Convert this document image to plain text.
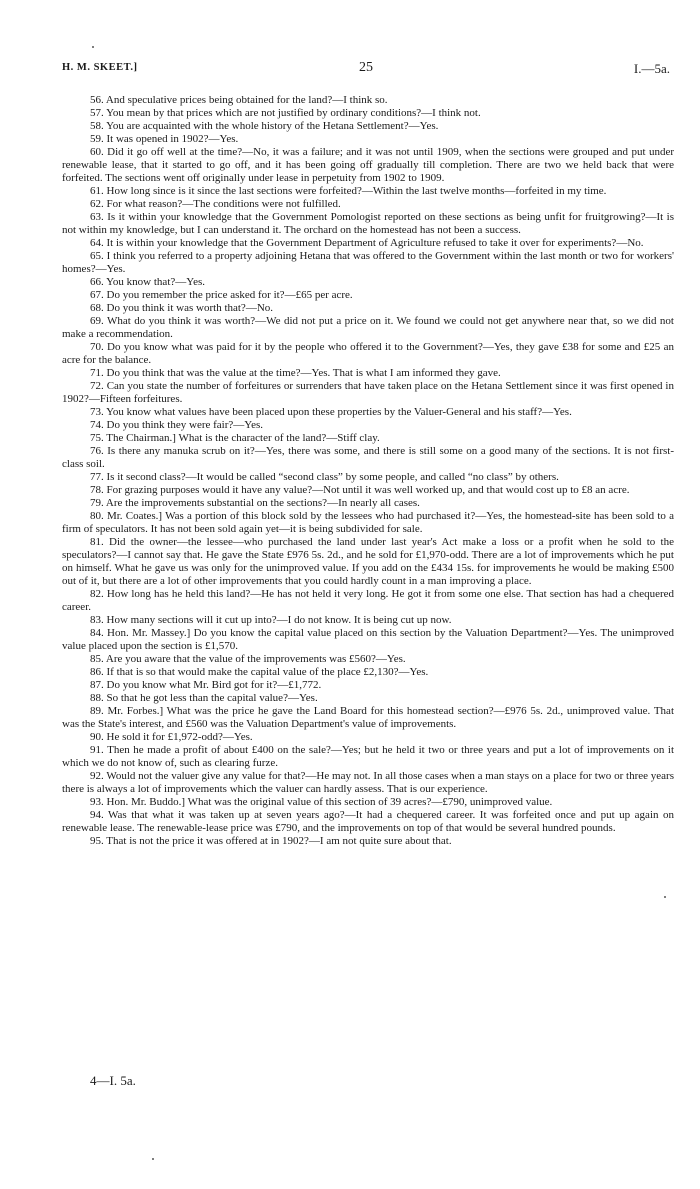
H. M. SKEET.]	25	I.—5a.

56. And speculative prices being obtained for the land?—I think so.

57. You mean by that prices which are not justified by ordinary conditions?—I think not.

58. You are acquainted with the whole history of the Hetana Settlement?—Yes.

59. It was opened in 1902?—Yes.

60. Did it go off well at the time?—No, it was a failure; and it was not until 1909, when the sections were grouped and put under renewable lease, that it started to go off, and it has been going off gradually till completion. There are two we held back that were forfeited. The sections went off originally under lease in perpetuity from 1902 to 1909.

61. How long since is it since the last sections were forfeited?—Within the last twelve months—forfeited in my time.

62. For what reason?—The conditions were not fulfilled.

63. Is it within your knowledge that the Government Pomologist reported on these sections as being unfit for fruitgrowing?—It is not within my knowledge, but I can understand it. The orchard on the homestead has not been a success.

64. It is within your knowledge that the Government Department of Agriculture refused to take it over for experiments?—No.

65. I think you referred to a property adjoining Hetana that was offered to the Government within the last month or two for workers' homes?—Yes.

66. You know that?—Yes.

67. Do you remember the price asked for it?—£65 per acre.

68. Do you think it was worth that?—No.

69. What do you think it was worth?—We did not put a price on it. We found we could not get anywhere near that, so we did not make a recommendation.

70. Do you know what was paid for it by the people who offered it to the Government?—Yes, they gave £38 for some and £25 an acre for the balance.

71. Do you think that was the value at the time?—Yes. That is what I am informed they gave.

72. Can you state the number of forfeitures or surrenders that have taken place on the Hetana Settlement since it was first opened in 1902?—Fifteen forfeitures.

73. You know what values have been placed upon these properties by the Valuer-General and his staff?—Yes.

74. Do you think they were fair?—Yes.

75. The Chairman.] What is the character of the land?—Stiff clay.

76. Is there any manuka scrub on it?—Yes, there was some, and there is still some on a good many of the sections. It is not first-class soil.

77. Is it second class?—It would be called “second class” by some people, and called “no class” by others.

78. For grazing purposes would it have any value?—Not until it was well worked up, and that would cost up to £8 an acre.

79. Are the improvements substantial on the sections?—In nearly all cases.

80. Mr. Coates.] Was a portion of this block sold by the lessees who had purchased it?—Yes, the homestead-site has been sold to a firm of speculators. It has not been sold again yet—it is being subdivided for sale.

81. Did the owner—the lessee—who purchased the land under last year's Act make a loss or a profit when he sold to the speculators?—I cannot say that. He gave the State £976 5s. 2d., and he sold for £1,970-odd. There are a lot of improvements which he put on himself. What he gave us was only for the unimproved value. If you add on the £434 15s. for improvements he would be making £500 out of it, but there are a lot of other improvements that you could hardly count in a man improving a place.

82. How long has he held this land?—He has not held it very long. He got it from some one else. That section has had a chequered career.

83. How many sections will it cut up into?—I do not know. It is being cut up now.

84. Hon. Mr. Massey.] Do you know the capital value placed on this section by the Valuation Department?—Yes. The unimproved value placed upon the section is £1,570.

85. Are you aware that the value of the improvements was £560?—Yes.

86. If that is so that would make the capital value of the place £2,130?—Yes.

87. Do you know what Mr. Bird got for it?—£1,772.

88. So that he got less than the capital value?—Yes.

89. Mr. Forbes.] What was the price he gave the Land Board for this homestead section?—£976 5s. 2d., unimproved value. That was the State's interest, and £560 was the Valuation Department's value of improvements.

90. He sold it for £1,972-odd?—Yes.

91. Then he made a profit of about £400 on the sale?—Yes; but he held it two or three years and put a lot of improvements on it which we do not know of, such as clearing furze.

92. Would not the valuer give any value for that?—He may not. In all those cases when a man stays on a place for two or three years there is always a lot of improvements which the valuer can hardly assess. That is our experience.

93. Hon. Mr. Buddo.] What was the original value of this section of 39 acres?—£790, unimproved value.

94. Was that what it was taken up at seven years ago?—It had a chequered career. It was forfeited once and put up again on renewable lease. The renewable-lease price was £790, and the improvements on top of that would be several hundred pounds.

95. That is not the price it was offered at in 1902?—I am not quite sure about that.

4—I. 5a.
